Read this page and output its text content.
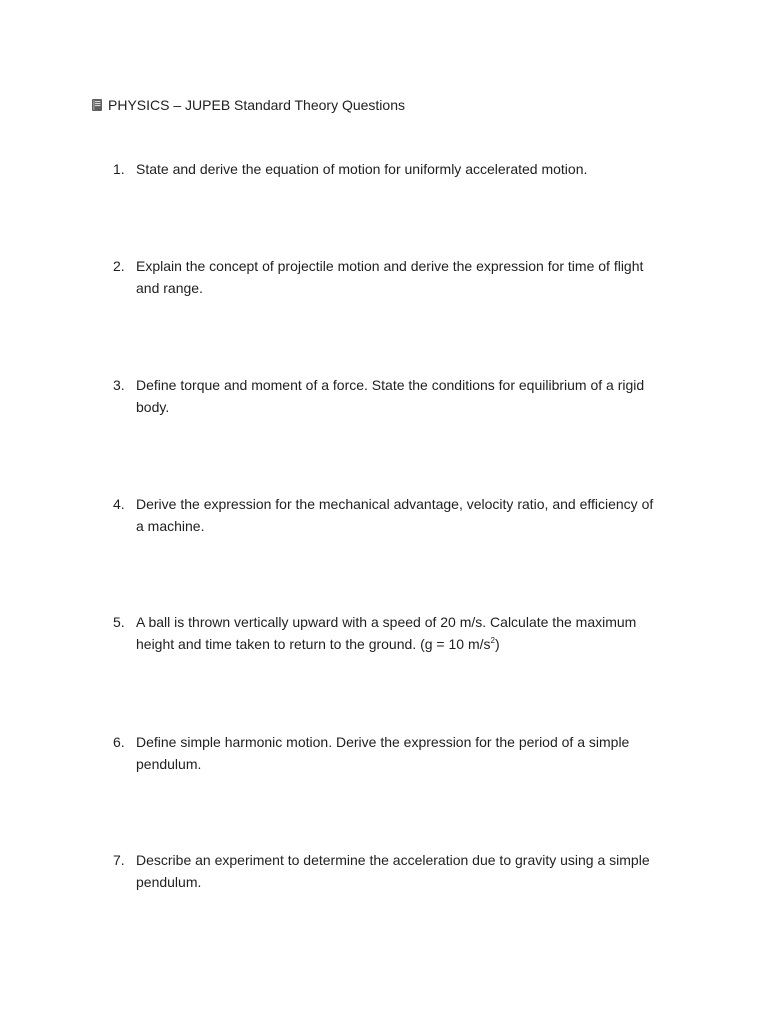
PHYSICS – JUPEB Standard Theory Questions
1. State and derive the equation of motion for uniformly accelerated motion.
2. Explain the concept of projectile motion and derive the expression for time of flight
and range.
3. Define torque and moment of a force. State the conditions for equilibrium of a rigid
body.
4. Derive the expression for the mechanical advantage, velocity ratio, and efficiency of
a machine.
5. A ball is thrown vertically upward with a speed of 20 m/s. Calculate the maximum
height and time taken to return to the ground. (g = 10 $m/s^2$)
6. Define simple harmonic motion. Derive the expression for the period of a simple
pendulum.
7. Describe an experiment to determine the acceleration due to gravity using a simple
pendulum.
